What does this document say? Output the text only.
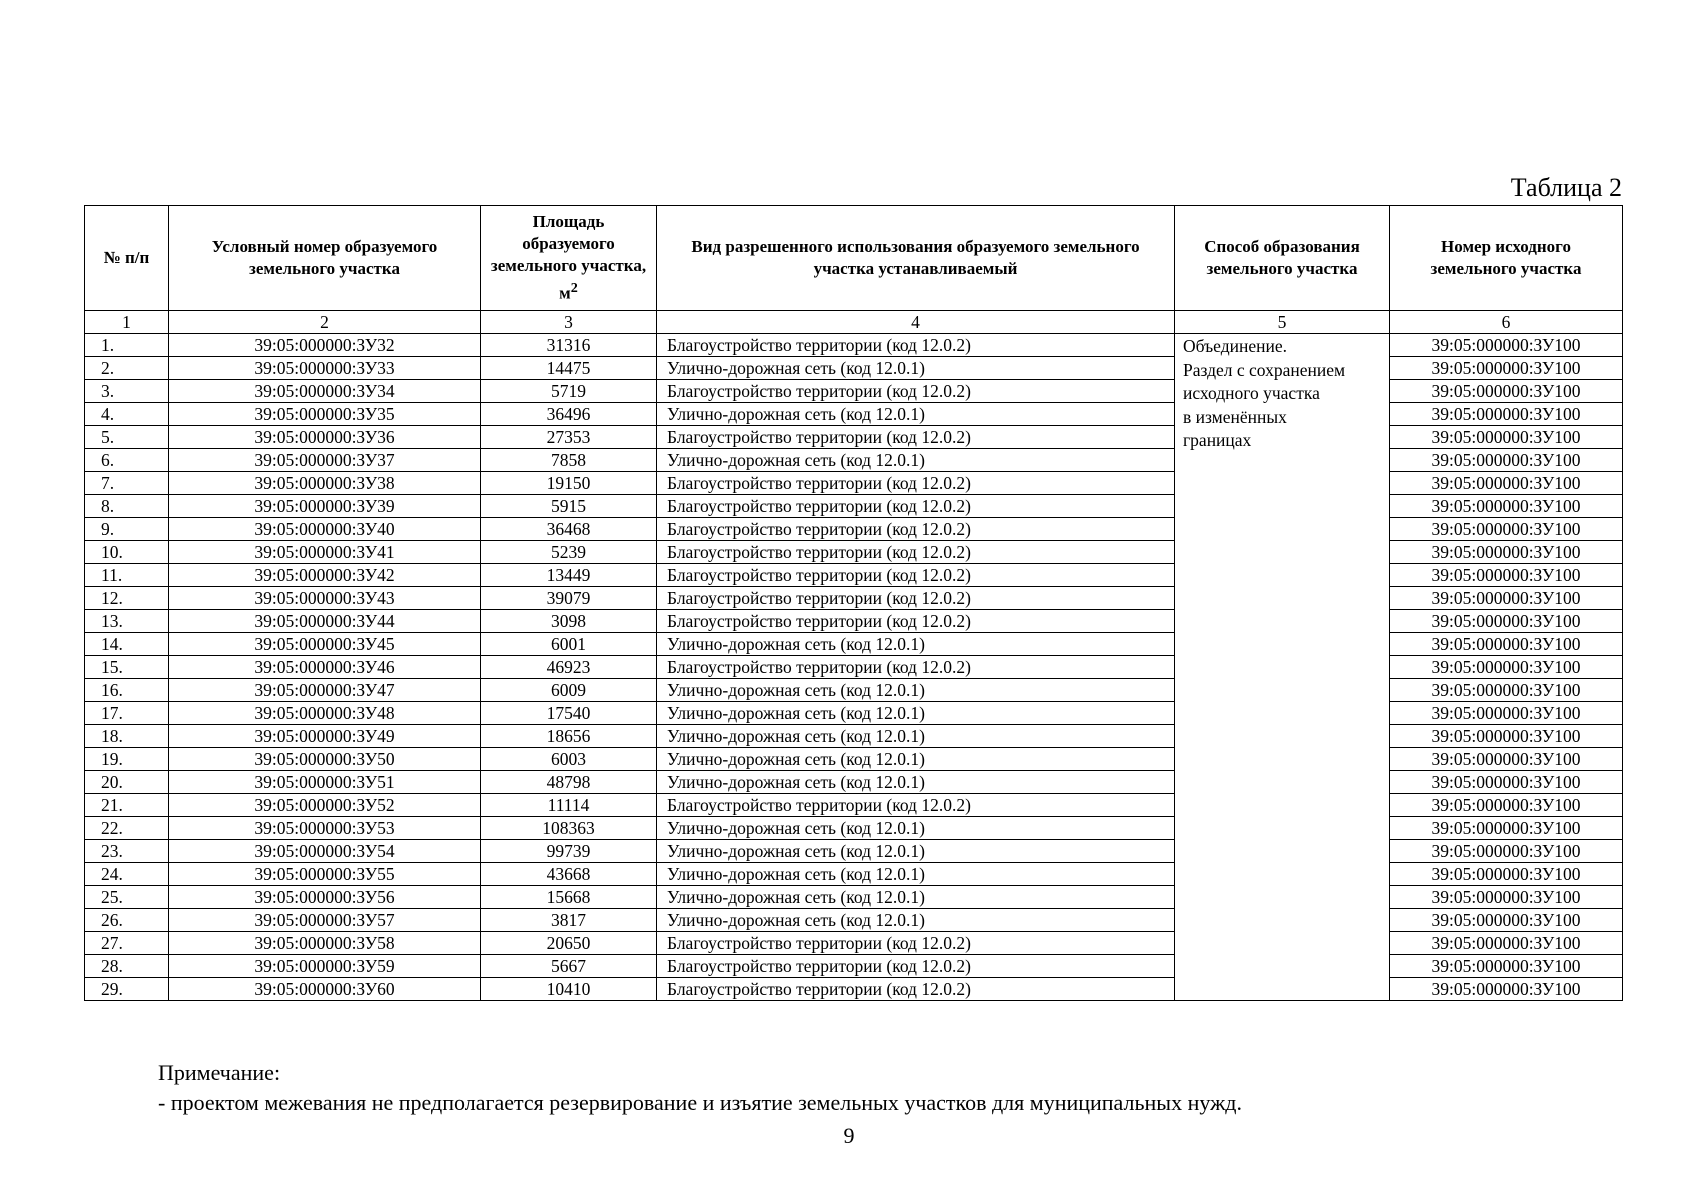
Таблица 2
№ п/п	Условный номер образуемого земельного участка	Площадь образуемого земельного участка, $м^2$	Вид разрешенного использования образуемого земельного участка устанавливаемый	Способ образования земельного участка	Номер исходного земельного участка
1	2	3	4	5	6
1.	39:05:000000:ЗУ32	31316	Благоустройство территории (код 12.0.2)	Объединение.
Раздел с сохранением
исходного участка
в изменённых
границах	39:05:000000:ЗУ100
2.	39:05:000000:ЗУ33	14475	Улично-дорожная сеть (код 12.0.1)		39:05:000000:ЗУ100
3.	39:05:000000:ЗУ34	5719	Благоустройство территории (код 12.0.2)		39:05:000000:ЗУ100
4.	39:05:000000:ЗУ35	36496	Улично-дорожная сеть (код 12.0.1)		39:05:000000:ЗУ100
5.	39:05:000000:ЗУ36	27353	Благоустройство территории (код 12.0.2)		39:05:000000:ЗУ100
6.	39:05:000000:ЗУ37	7858	Улично-дорожная сеть (код 12.0.1)		39:05:000000:ЗУ100
7.	39:05:000000:ЗУ38	19150	Благоустройство территории (код 12.0.2)		39:05:000000:ЗУ100
8.	39:05:000000:ЗУ39	5915	Благоустройство территории (код 12.0.2)		39:05:000000:ЗУ100
9.	39:05:000000:ЗУ40	36468	Благоустройство территории (код 12.0.2)		39:05:000000:ЗУ100
10.	39:05:000000:ЗУ41	5239	Благоустройство территории (код 12.0.2)		39:05:000000:ЗУ100
11.	39:05:000000:ЗУ42	13449	Благоустройство территории (код 12.0.2)		39:05:000000:ЗУ100
12.	39:05:000000:ЗУ43	39079	Благоустройство территории (код 12.0.2)		39:05:000000:ЗУ100
13.	39:05:000000:ЗУ44	3098	Благоустройство территории (код 12.0.2)		39:05:000000:ЗУ100
14.	39:05:000000:ЗУ45	6001	Улично-дорожная сеть (код 12.0.1)		39:05:000000:ЗУ100
15.	39:05:000000:ЗУ46	46923	Благоустройство территории (код 12.0.2)		39:05:000000:ЗУ100
16.	39:05:000000:ЗУ47	6009	Улично-дорожная сеть (код 12.0.1)		39:05:000000:ЗУ100
17.	39:05:000000:ЗУ48	17540	Улично-дорожная сеть (код 12.0.1)		39:05:000000:ЗУ100
18.	39:05:000000:ЗУ49	18656	Улично-дорожная сеть (код 12.0.1)		39:05:000000:ЗУ100
19.	39:05:000000:ЗУ50	6003	Улично-дорожная сеть (код 12.0.1)		39:05:000000:ЗУ100
20.	39:05:000000:ЗУ51	48798	Улично-дорожная сеть (код 12.0.1)		39:05:000000:ЗУ100
21.	39:05:000000:ЗУ52	11114	Благоустройство территории (код 12.0.2)		39:05:000000:ЗУ100
22.	39:05:000000:ЗУ53	108363	Улично-дорожная сеть (код 12.0.1)		39:05:000000:ЗУ100
23.	39:05:000000:ЗУ54	99739	Улично-дорожная сеть (код 12.0.1)		39:05:000000:ЗУ100
24.	39:05:000000:ЗУ55	43668	Улично-дорожная сеть (код 12.0.1)		39:05:000000:ЗУ100
25.	39:05:000000:ЗУ56	15668	Улично-дорожная сеть (код 12.0.1)		39:05:000000:ЗУ100
26.	39:05:000000:ЗУ57	3817	Улично-дорожная сеть (код 12.0.1)		39:05:000000:ЗУ100
27.	39:05:000000:ЗУ58	20650	Благоустройство территории (код 12.0.2)		39:05:000000:ЗУ100
28.	39:05:000000:ЗУ59	5667	Благоустройство территории (код 12.0.2)		39:05:000000:ЗУ100
29.	39:05:000000:ЗУ60	10410	Благоустройство территории (код 12.0.2)		39:05:000000:ЗУ100
Примечание:
- проектом межевания не предполагается резервирование и изъятие земельных участков для муниципальных нужд.
9
